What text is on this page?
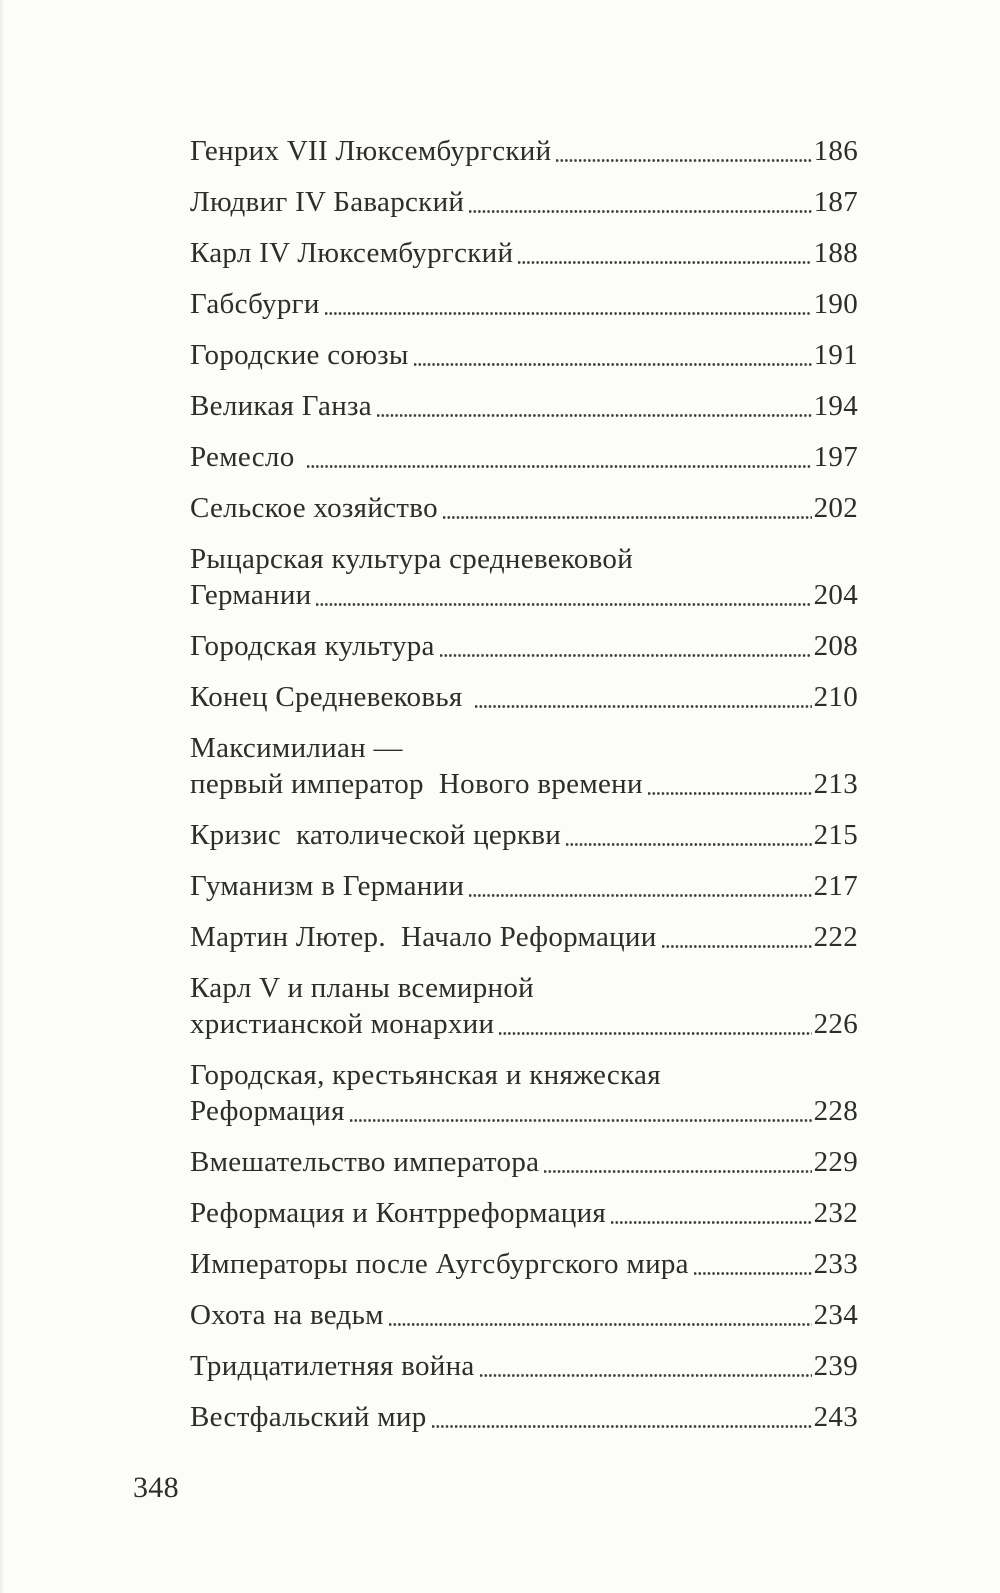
Генрих VII Люксембургский	186
Людвиг IV Баварский	187
Карл IV Люксембургский	188
Габсбурги	190
Городские союзы	191
Великая Ганза	194
Ремесло	197
Сельское хозяйство	202
Рыцарская культура средневековой
Германии	204
Городская культура	208
Конец Средневековья	210
Максимилиан —
первый император  Нового времени	213
Кризис  католической церкви	215
Гуманизм в Германии	217
Мартин Лютер.  Начало Реформации	222
Карл V и планы всемирной
христианской монархии	226
Городская, крестьянская и княжеская
Реформация	228
Вмешательство императора	229
Реформация и Контрреформация	232
Императоры после Аугсбургского мира	233
Охота на ведьм	234
Тридцатилетняя война	239
Вестфальский мир	243
348
